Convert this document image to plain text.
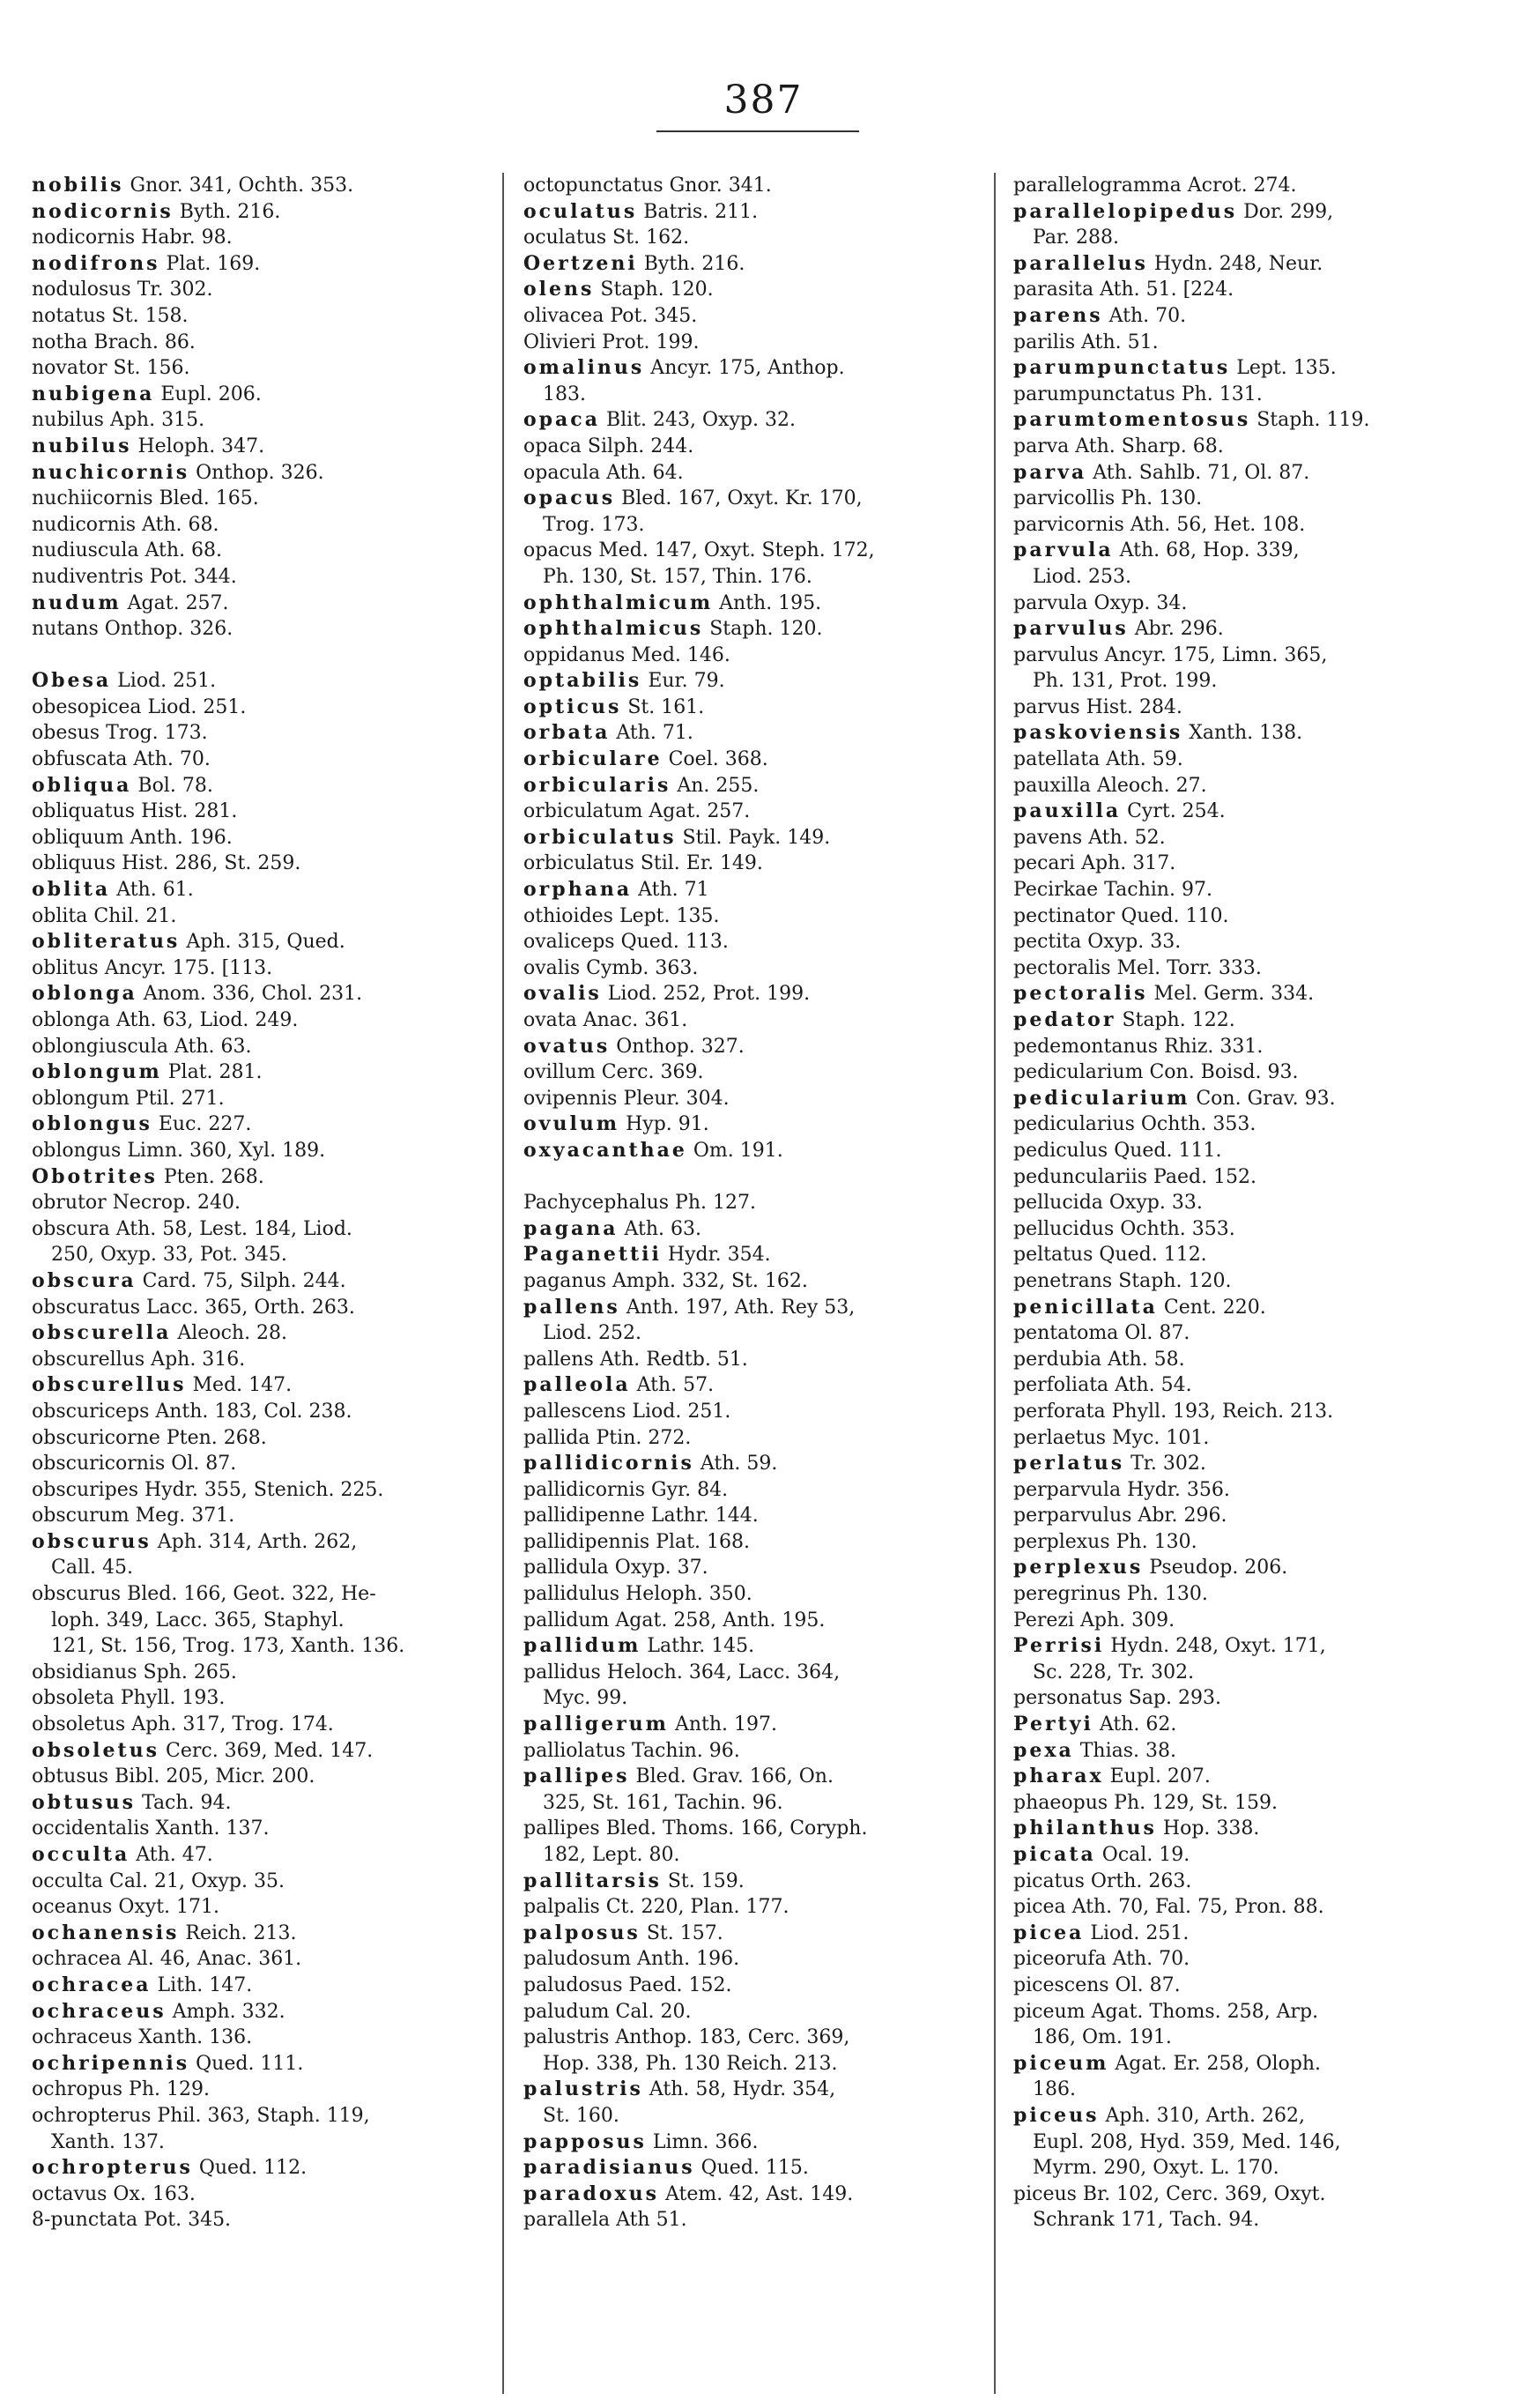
387
nobilis Gnor. 341, Ochth. 353.
nodicornis Byth. 216.
nodicornis Habr. 98.
nodifrons Plat. 169.
nodulosus Tr. 302.
notatus St. 158.
notha Brach. 86.
novator St. 156.
nubigena Eupl. 206.
nubilus Aph. 315.
nubilus Heloph. 347.
nuchicornis Onthop. 326.
nuchiicornis Bled. 165.
nudicornis Ath. 68.
nudiuscula Ath. 68.
nudiventris Pot. 344.
nudum Agat. 257.
nutans Onthop. 326.
Obesa Liod. 251.
obesopicea Liod. 251.
obesus Trog. 173.
obfuscata Ath. 70.
obliqua Bol. 78.
obliquatus Hist. 281.
obliquum Anth. 196.
obliquus Hist. 286, St. 259.
oblita Ath. 61.
oblita Chil. 21.
obliteratus Aph. 315, Qued.
oblitus Ancyr. 175. [113.
oblonga Anom. 336, Chol. 231.
oblonga Ath. 63, Liod. 249.
oblongiuscula Ath. 63.
oblongum Plat. 281.
oblongum Ptil. 271.
oblongus Euc. 227.
oblongus Limn. 360, Xyl. 189.
Obotrites Pten. 268.
obrutor Necrop. 240.
obscura Ath. 58, Lest. 184, Liod.
250, Oxyp. 33, Pot. 345.
obscura Card. 75, Silph. 244.
obscuratus Lacc. 365, Orth. 263.
obscurella Aleoch. 28.
obscurellus Aph. 316.
obscurellus Med. 147.
obscuriceps Anth. 183, Col. 238.
obscuricorne Pten. 268.
obscuricornis Ol. 87.
obscuripes Hydr. 355, Stenich. 225.
obscurum Meg. 371.
obscurus Aph. 314, Arth. 262,
Call. 45.
obscurus Bled. 166, Geot. 322, He-
loph. 349, Lacc. 365, Staphyl.
121, St. 156, Trog. 173, Xanth. 136.
obsidianus Sph. 265.
obsoleta Phyll. 193.
obsoletus Aph. 317, Trog. 174.
obsoletus Cerc. 369, Med. 147.
obtusus Bibl. 205, Micr. 200.
obtusus Tach. 94.
occidentalis Xanth. 137.
occulta Ath. 47.
occulta Cal. 21, Oxyp. 35.
oceanus Oxyt. 171.
ochanensis Reich. 213.
ochracea Al. 46, Anac. 361.
ochracea Lith. 147.
ochraceus Amph. 332.
ochraceus Xanth. 136.
ochripennis Qued. 111.
ochropus Ph. 129.
ochropterus Phil. 363, Staph. 119,
Xanth. 137.
ochropterus Qued. 112.
octavus Ox. 163.
8-punctata Pot. 345.
octopunctatus Gnor. 341.
oculatus Batris. 211.
oculatus St. 162.
Oertzeni Byth. 216.
olens Staph. 120.
olivacea Pot. 345.
Olivieri Prot. 199.
omalinus Ancyr. 175, Anthop.
183.
opaca Blit. 243, Oxyp. 32.
opaca Silph. 244.
opacula Ath. 64.
opacus Bled. 167, Oxyt. Kr. 170,
Trog. 173.
opacus Med. 147, Oxyt. Steph. 172,
Ph. 130, St. 157, Thin. 176.
ophthalmicum Anth. 195.
ophthalmicus Staph. 120.
oppidanus Med. 146.
optabilis Eur. 79.
opticus St. 161.
orbata Ath. 71.
orbiculare Coel. 368.
orbicularis An. 255.
orbiculatum Agat. 257.
orbiculatus Stil. Payk. 149.
orbiculatus Stil. Er. 149.
orphana Ath. 71
othioides Lept. 135.
ovaliceps Qued. 113.
ovalis Cymb. 363.
ovalis Liod. 252, Prot. 199.
ovata Anac. 361.
ovatus Onthop. 327.
ovillum Cerc. 369.
ovipennis Pleur. 304.
ovulum Hyp. 91.
oxyacanthae Om. 191.
Pachycephalus Ph. 127.
pagana Ath. 63.
Paganettii Hydr. 354.
paganus Amph. 332, St. 162.
pallens Anth. 197, Ath. Rey 53,
Liod. 252.
pallens Ath. Redtb. 51.
palleola Ath. 57.
pallescens Liod. 251.
pallida Ptin. 272.
pallidicornis Ath. 59.
pallidicornis Gyr. 84.
pallidipenne Lathr. 144.
pallidipennis Plat. 168.
pallidula Oxyp. 37.
pallidulus Heloph. 350.
pallidum Agat. 258, Anth. 195.
pallidum Lathr. 145.
pallidus Heloch. 364, Lacc. 364,
Myc. 99.
palligerum Anth. 197.
palliolatus Tachin. 96.
pallipes Bled. Grav. 166, On.
325, St. 161, Tachin. 96.
pallipes Bled. Thoms. 166, Coryph.
182, Lept. 80.
pallitarsis St. 159.
palpalis Ct. 220, Plan. 177.
palposus St. 157.
paludosum Anth. 196.
paludosus Paed. 152.
paludum Cal. 20.
palustris Anthop. 183, Cerc. 369,
Hop. 338, Ph. 130 Reich. 213.
palustris Ath. 58, Hydr. 354,
St. 160.
papposus Limn. 366.
paradisianus Qued. 115.
paradoxus Atem. 42, Ast. 149.
parallela Ath 51.
parallelogramma Acrot. 274.
parallelopipedus Dor. 299,
Par. 288.
parallelus Hydn. 248, Neur.
parasita Ath. 51. [224.
parens Ath. 70.
parilis Ath. 51.
parumpunctatus Lept. 135.
parumpunctatus Ph. 131.
parumtomentosus Staph. 119.
parva Ath. Sharp. 68.
parva Ath. Sahlb. 71, Ol. 87.
parvicollis Ph. 130.
parvicornis Ath. 56, Het. 108.
parvula Ath. 68, Hop. 339,
Liod. 253.
parvula Oxyp. 34.
parvulus Abr. 296.
parvulus Ancyr. 175, Limn. 365,
Ph. 131, Prot. 199.
parvus Hist. 284.
paskoviensis Xanth. 138.
patellata Ath. 59.
pauxilla Aleoch. 27.
pauxilla Cyrt. 254.
pavens Ath. 52.
pecari Aph. 317.
Pecirkae Tachin. 97.
pectinator Qued. 110.
pectita Oxyp. 33.
pectoralis Mel. Torr. 333.
pectoralis Mel. Germ. 334.
pedator Staph. 122.
pedemontanus Rhiz. 331.
pedicularium Con. Boisd. 93.
pedicularium Con. Grav. 93.
pedicularius Ochth. 353.
pediculus Qued. 111.
pedunculariis Paed. 152.
pellucida Oxyp. 33.
pellucidus Ochth. 353.
peltatus Qued. 112.
penetrans Staph. 120.
penicillata Cent. 220.
pentatoma Ol. 87.
perdubia Ath. 58.
perfoliata Ath. 54.
perforata Phyll. 193, Reich. 213.
perlaetus Myc. 101.
perlatus Tr. 302.
perparvula Hydr. 356.
perparvulus Abr. 296.
perplexus Ph. 130.
perplexus Pseudop. 206.
peregrinus Ph. 130.
Perezi Aph. 309.
Perrisi Hydn. 248, Oxyt. 171,
Sc. 228, Tr. 302.
personatus Sap. 293.
Pertyi Ath. 62.
pexa Thias. 38.
pharax Eupl. 207.
phaeopus Ph. 129, St. 159.
philanthus Hop. 338.
picata Ocal. 19.
picatus Orth. 263.
picea Ath. 70, Fal. 75, Pron. 88.
picea Liod. 251.
piceorufa Ath. 70.
picescens Ol. 87.
piceum Agat. Thoms. 258, Arp.
186, Om. 191.
piceum Agat. Er. 258, Oloph.
186.
piceus Aph. 310, Arth. 262,
Eupl. 208, Hyd. 359, Med. 146,
Myrm. 290, Oxyt. L. 170.
piceus Br. 102, Cerc. 369, Oxyt.
Schrank 171, Tach. 94.
